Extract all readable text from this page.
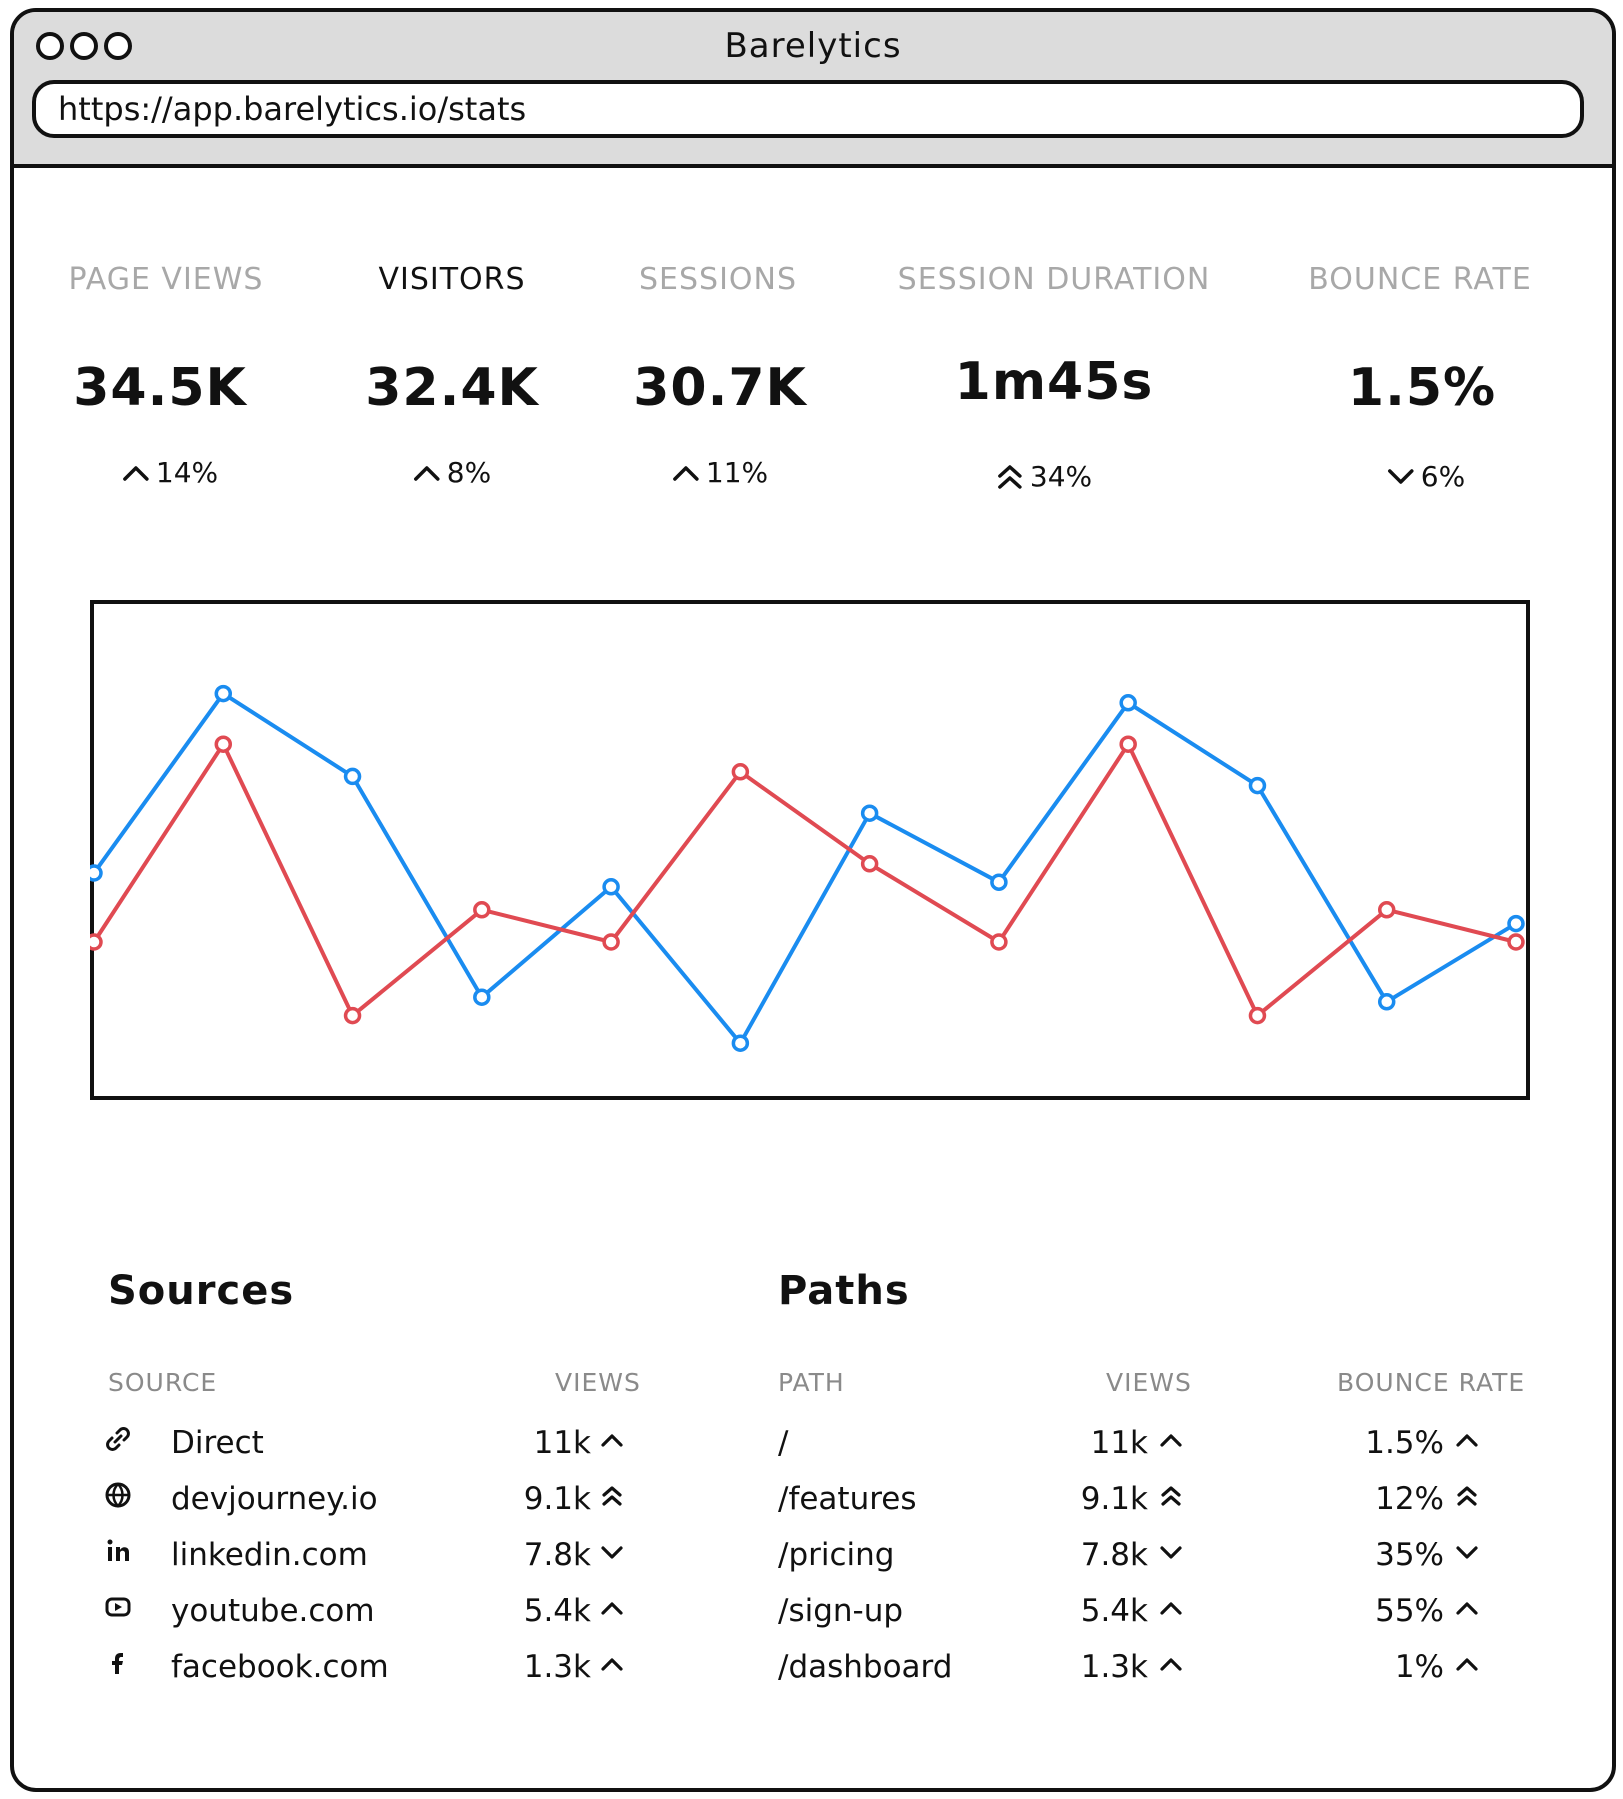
Barelytics
https://app.barelytics.io/stats
PAGE VIEWS
34.5K
14%
VISITORS
32.4K
8%
SESSIONS
30.7K
11%
SESSION DURATION
1m45s
34%
BOUNCE RATE
1.5%
6%
Sources
SOURCE	VIEWS
Direct	11k
devjourney.io	9.1k
linkedin.com	7.8k
youtube.com	5.4k
facebook.com	1.3k
Paths
PATH	VIEWS	BOUNCE RATE
/	11k	1.5%
/features	9.1k	12%
/pricing	7.8k	35%
/sign-up	5.4k	55%
/dashboard	1.3k	1%
